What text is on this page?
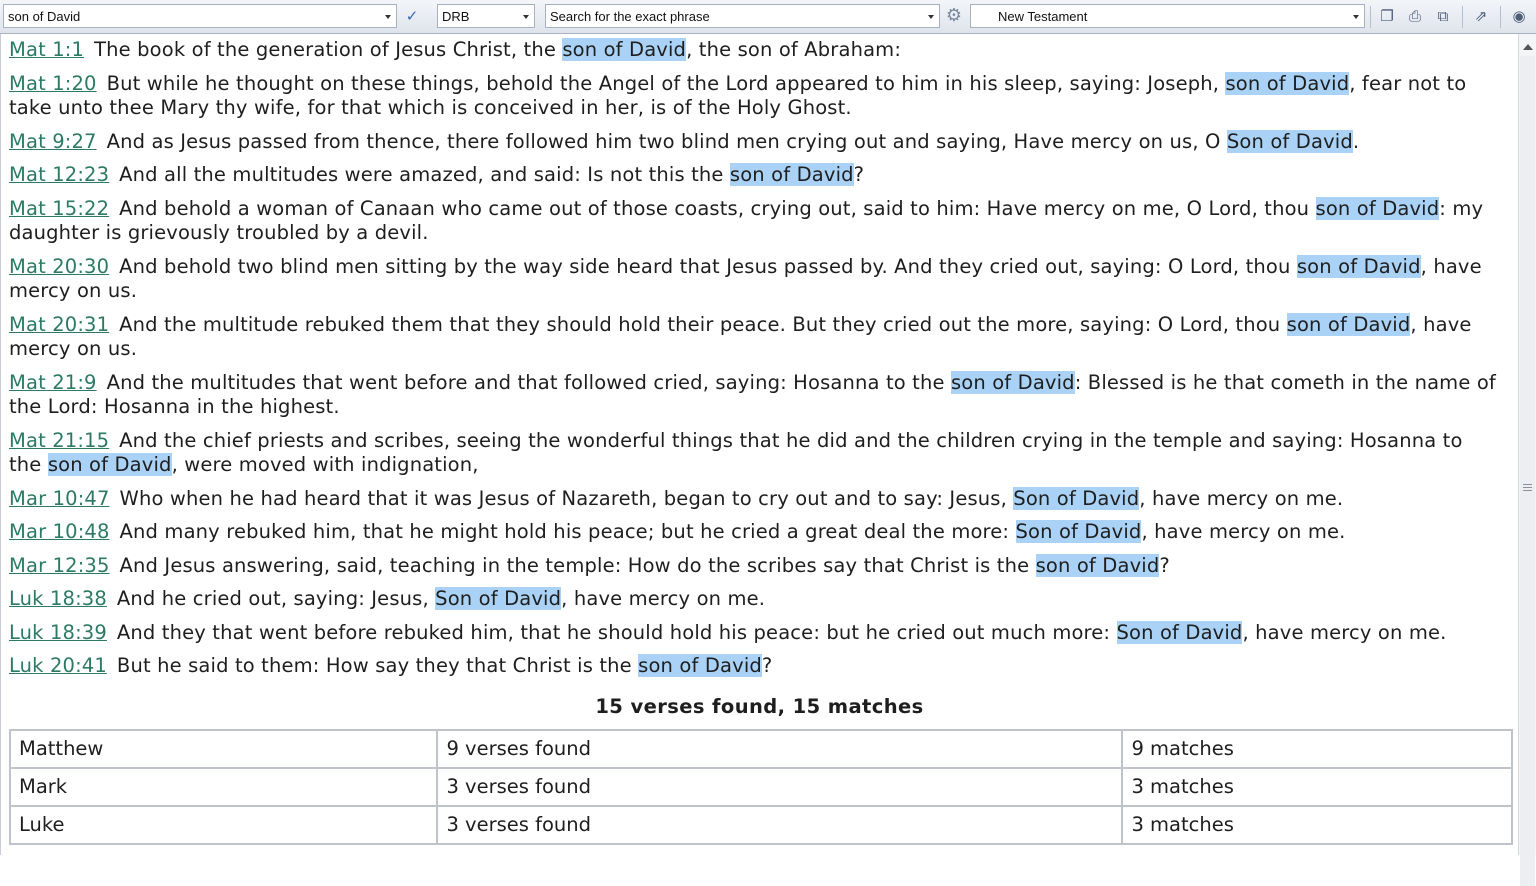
son of David	✓	DRB	Search for the exact phrase	⚙	New Testament	❐	⎙	⧉	⇗	◉
Mat 1:1 The book of the generation of Jesus Christ, the son of David, the son of Abraham:
Mat 1:20 But while he thought on these things, behold the Angel of the Lord appeared to him in his sleep, saying: Joseph, son of David, fear not to take unto thee Mary thy wife, for that which is conceived in her, is of the Holy Ghost.
Mat 9:27 And as Jesus passed from thence, there followed him two blind men crying out and saying, Have mercy on us, O Son of David.
Mat 12:23 And all the multitudes were amazed, and said: Is not this the son of David?
Mat 15:22 And behold a woman of Canaan who came out of those coasts, crying out, said to him: Have mercy on me, O Lord, thou son of David: my daughter is grievously troubled by a devil.
Mat 20:30 And behold two blind men sitting by the way side heard that Jesus passed by. And they cried out, saying: O Lord, thou son of David, have mercy on us.
Mat 20:31 And the multitude rebuked them that they should hold their peace. But they cried out the more, saying: O Lord, thou son of David, have mercy on us.
Mat 21:9 And the multitudes that went before and that followed cried, saying: Hosanna to the son of David: Blessed is he that cometh in the name of the Lord: Hosanna in the highest.
Mat 21:15 And the chief priests and scribes, seeing the wonderful things that he did and the children crying in the temple and saying: Hosanna to the son of David, were moved with indignation,
Mar 10:47 Who when he had heard that it was Jesus of Nazareth, began to cry out and to say: Jesus, Son of David, have mercy on me.
Mar 10:48 And many rebuked him, that he might hold his peace; but he cried a great deal the more: Son of David, have mercy on me.
Mar 12:35 And Jesus answering, said, teaching in the temple: How do the scribes say that Christ is the son of David?
Luk 18:38 And he cried out, saying: Jesus, Son of David, have mercy on me.
Luk 18:39 And they that went before rebuked him, that he should hold his peace: but he cried out much more: Son of David, have mercy on me.
Luk 20:41 But he said to them: How say they that Christ is the son of David?
15 verses found, 15 matches
Matthew	9 verses found	9 matches
Mark	3 verses found	3 matches
Luke	3 verses found	3 matches
